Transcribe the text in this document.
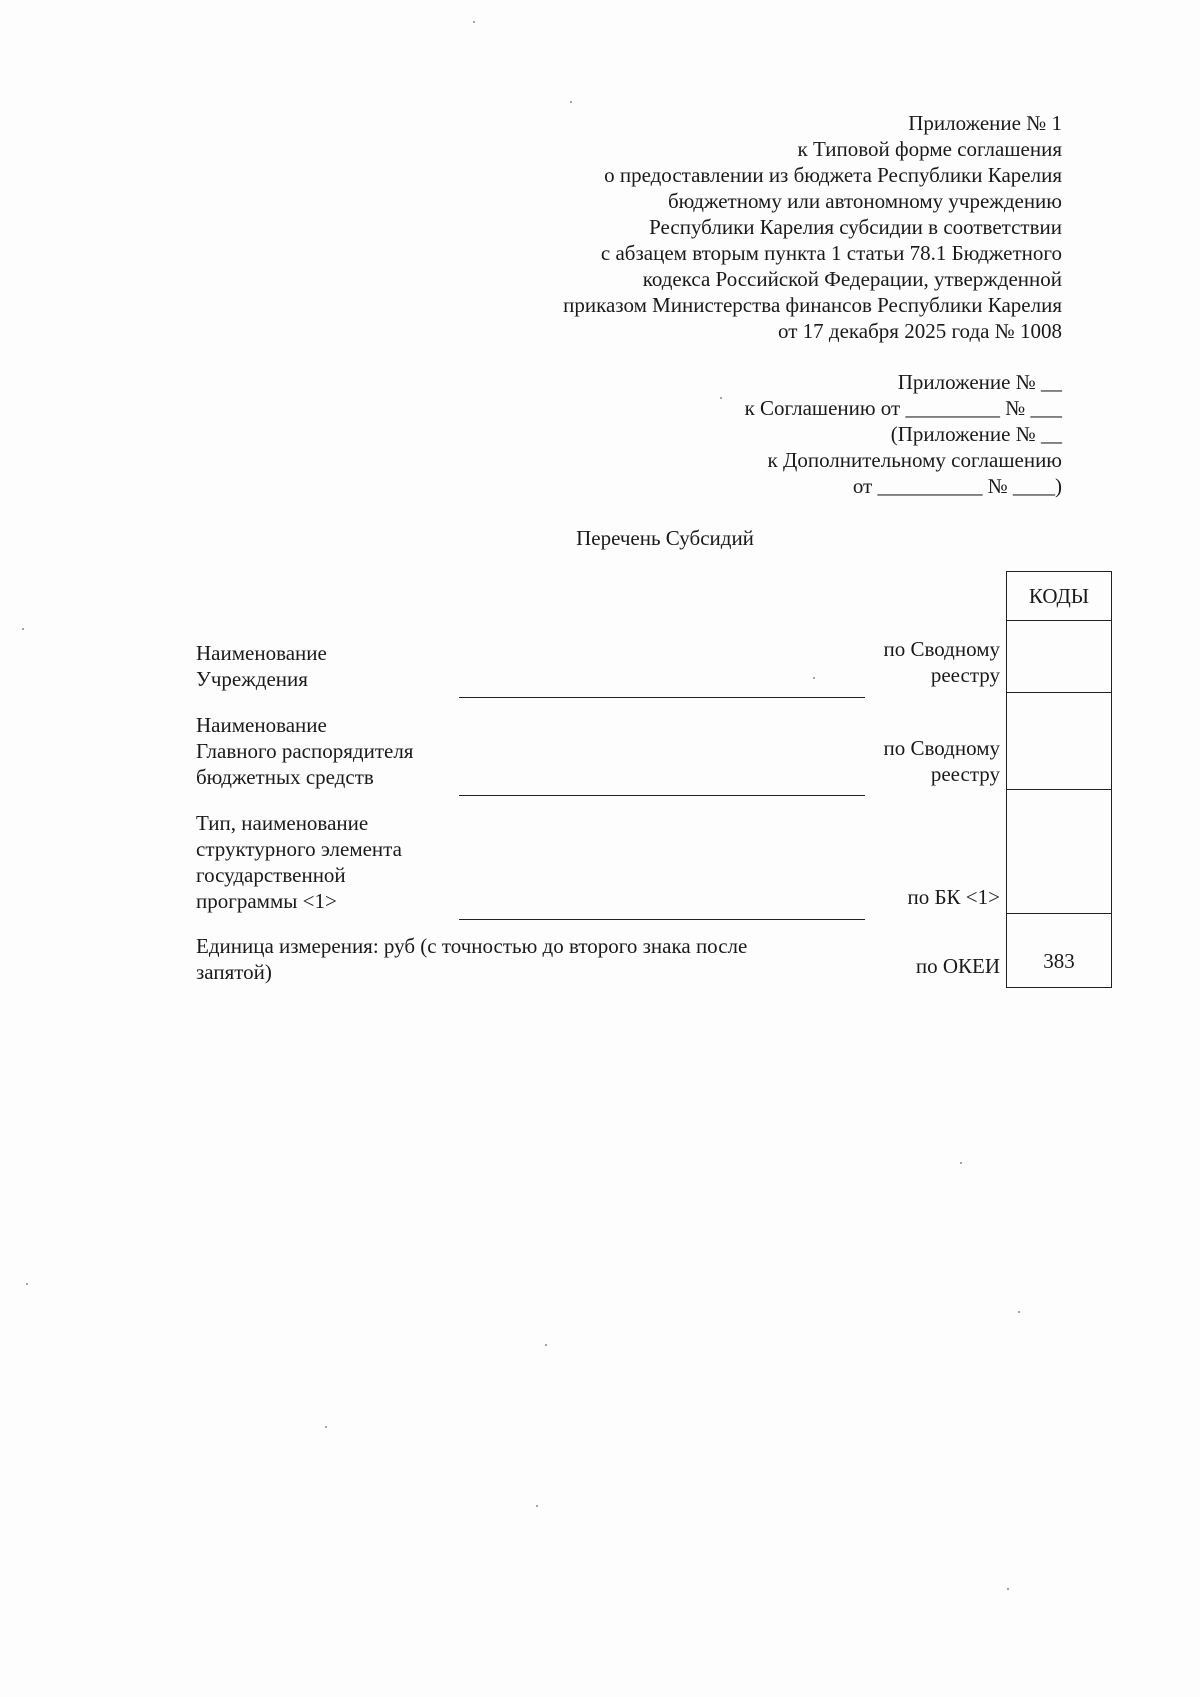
Приложение № 1
к Типовой форме соглашения
о предоставлении из бюджета Республики Карелия
бюджетному или автономному учреждению
Республики Карелия субсидии в соответствии
с абзацем вторым пункта 1 статьи 78.1 Бюджетного
кодекса Российской Федерации, утвержденной
приказом Министерства финансов Республики Карелия
от 17 декабря 2025 года № 1008
Приложение № __
к Соглашению от _________ № ___
(Приложение № __
к Дополнительному соглашению
от __________ № ____)
Перечень Субсидий
Наименование
Учреждения
по Сводному
реестру
Наименование
Главного распорядителя
бюджетных средств
по Сводному
реестру
Тип, наименование
структурного элемента
государственной
программы <1>	по БК <1>
Единица измерения: руб (с точностью до второго знака после
запятой)	по ОКЕИ
КОДЫ
383
